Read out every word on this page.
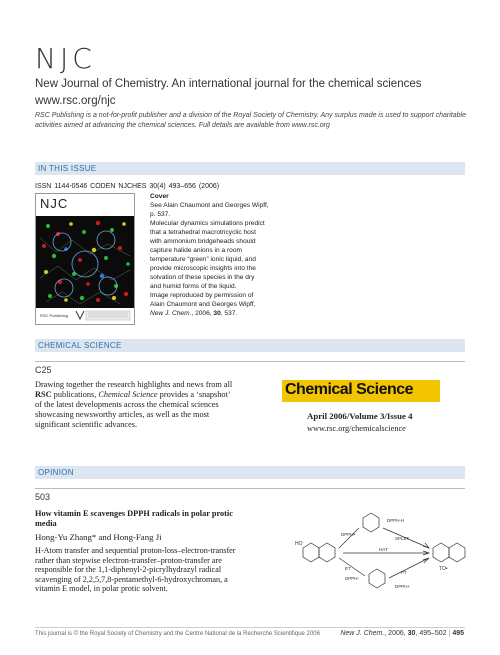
NJC
New Journal of Chemistry. An international journal for the chemical sciences
www.rsc.org/njc
RSC Publishing is a not-for-profit publisher and a division of the Royal Society of Chemistry. Any surplus made is used to support charitable activities aimed at advancing the chemical sciences. Full details are available from www.rsc.org
IN THIS ISSUE
ISSN 1144-0546 CODEN NJCHES 30(4) 493–656 (2006)
NJC
RSC Publishing
Cover
See Alain Chaumont and Georges Wipff,
p. 537.
Molecular dynamics simulations predict
that a tetrahedral macrotricyclic host
with ammonium bridgeheads should
capture halide anions in a room
temperature “green” ionic liquid, and
provide microscopic insights into the
solvation of these species in the dry
and humid forms of the liquid.
Image reproduced by permission of
Alain Chaumont and Georges Wipff,
New J. Chem., 2006, 30, 537.
CHEMICAL SCIENCE
C25
Drawing together the research highlights and news from all
RSC publications, Chemical Science provides a ‘snapshot’
of the latest developments across the chemical sciences
showcasing newsworthy articles, as well as the most
significant scientific advances.
Chemical Science
April 2006/Volume 3/Issue 4
www.rsc.org/chemicalscience
OPINION
503
How vitamin E scavenges DPPH radicals in polar protic media
Hong-Yu Zhang* and Hong-Fang Ji
H-Atom transfer and sequential proton-loss–electron-transfer rather than stepwise electron-transfer–proton-transfer are responsible for the 1,1-diphenyl-2-picrylhydrazyl radical scavenging of 2,2,5,7,8-pentamethyl-6-hydroxychroman, a vitamin E model, in polar protic solvent.
HO
DPPH•
DPPH-H
SPLET
ET
PT
HAT
DPPH-
DPPH+
TO•
This journal is © the Royal Society of Chemistry and the Centre National de la Recherche Scientifique 2006	New J. Chem., 2006, 30, 495–502 | 495
